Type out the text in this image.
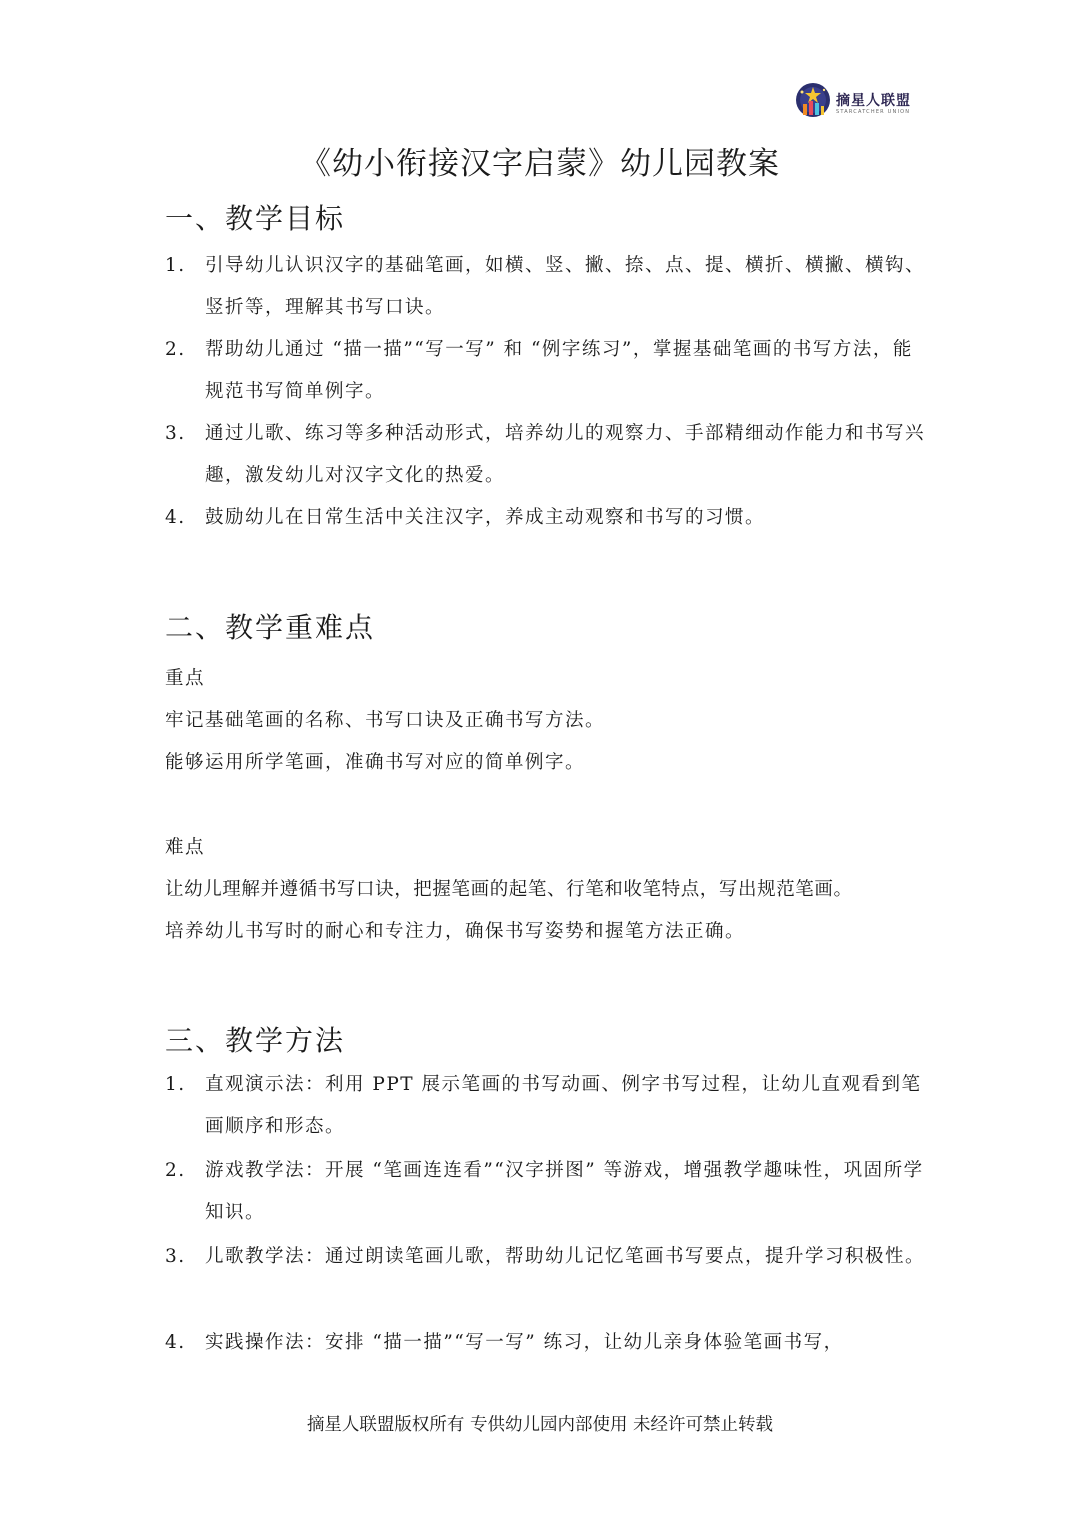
摘星人联盟
STARCATCHER UNION
《幼小衔接汉字启蒙》幼儿园教案
一、教学目标
1. 引导幼儿认识汉字的基础笔画，如横、竖、撇、捺、点、提、横折、横撇、横钩、竖折等，理解其书写口诀。
2. 帮助幼儿通过 “描一描”“写一写” 和 “例字练习”，掌握基础笔画的书写方法，能规范书写简单例字。
3. 通过儿歌、练习等多种活动形式，培养幼儿的观察力、手部精细动作能力和书写兴趣，激发幼儿对汉字文化的热爱。
4. 鼓励幼儿在日常生活中关注汉字，养成主动观察和书写的习惯。
二、教学重难点
重点
牢记基础笔画的名称、书写口诀及正确书写方法。
能够运用所学笔画，准确书写对应的简单例字。
难点
让幼儿理解并遵循书写口诀，把握笔画的起笔、行笔和收笔特点，写出规范笔画。
培养幼儿书写时的耐心和专注力，确保书写姿势和握笔方法正确。
三、教学方法
1. 直观演示法：利用 PPT 展示笔画的书写动画、例字书写过程，让幼儿直观看到笔画顺序和形态。
2. 游戏教学法：开展 “笔画连连看”“汉字拼图” 等游戏，增强教学趣味性，巩固所学知识。
3. 儿歌教学法：通过朗读笔画儿歌，帮助幼儿记忆笔画书写要点，提升学习积极性。
4. 实践操作法：安排 “描一描”“写一写” 练习，让幼儿亲身体验笔画书写，
摘星人联盟版权所有 专供幼儿园内部使用 未经许可禁止转载
